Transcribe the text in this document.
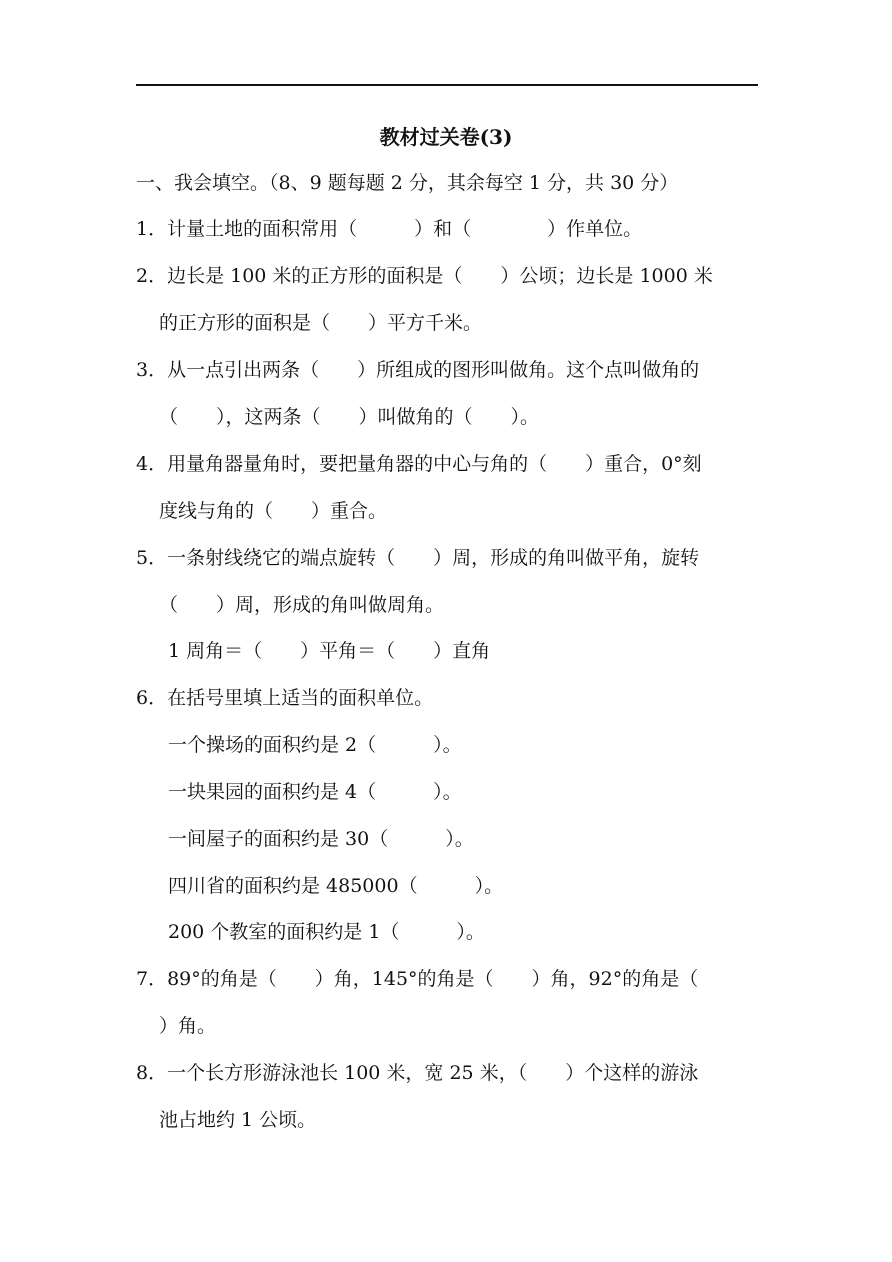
教材过关卷(3)

一、我会填空。（8、9 题每题 2 分，其余每空 1 分，共 30 分）

1．计量土地的面积常用（　　　）和（　　　　）作单位。

2．边长是 100 米的正方形的面积是（　　）公顷；边长是 1000 米

的正方形的面积是（　　）平方千米。

3．从一点引出两条（　　）所组成的图形叫做角。这个点叫做角的

（　　），这两条（　　）叫做角的（　　）。

4．用量角器量角时，要把量角器的中心与角的（　　）重合，0°刻

度线与角的（　　）重合。

5．一条射线绕它的端点旋转（　　）周，形成的角叫做平角，旋转

（　　）周，形成的角叫做周角。

1 周角＝（　　）平角＝（　　）直角

6．在括号里填上适当的面积单位。

一个操场的面积约是 2（　　　）。

一块果园的面积约是 4（　　　）。

一间屋子的面积约是 30（　　　）。

四川省的面积约是 485000（　　　）。

200 个教室的面积约是 1（　　　）。

7．89°的角是（　　）角，145°的角是（　　）角，92°的角是（

）角。

8．一个长方形游泳池长 100 米，宽 25 米，（　　）个这样的游泳

池占地约 1 公顷。
